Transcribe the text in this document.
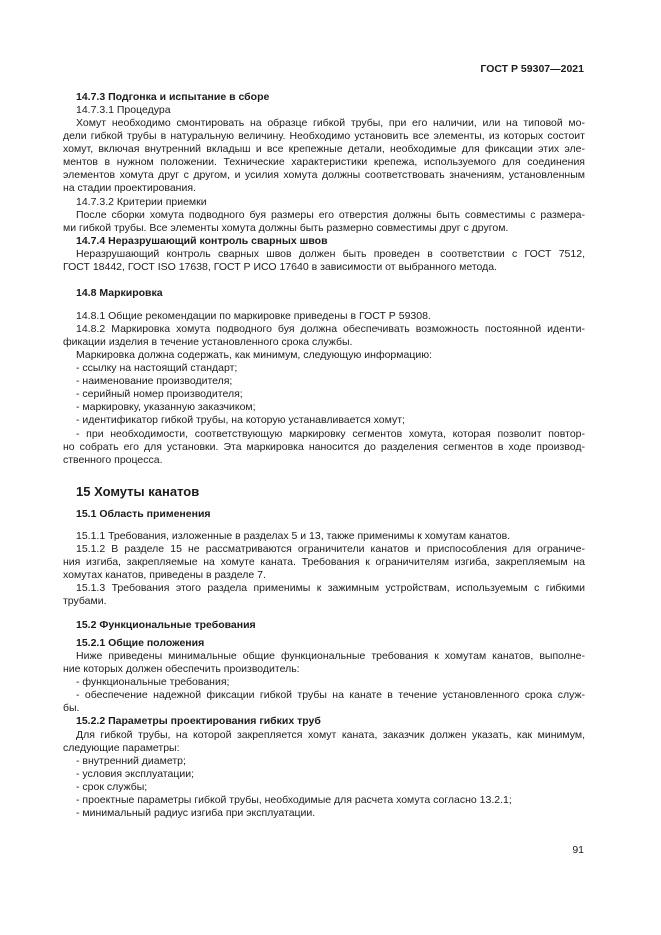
ГОСТ Р 59307—2021
14.7.3 Подгонка и испытание в сборе
14.7.3.1 Процедура
Хомут необходимо смонтировать на образце гибкой трубы, при его наличии, или на типовой мо-
дели гибкой трубы в натуральную величину. Необходимо установить все элементы, из которых состоит
хомут, включая внутренний вкладыш и все крепежные детали, необходимые для фиксации этих эле-
ментов в нужном положении. Технические характеристики крепежа, используемого для соединения
элементов хомута друг с другом, и усилия хомута должны соответствовать значениям, установленным
на стадии проектирования.
14.7.3.2 Критерии приемки
После сборки хомута подводного буя размеры его отверстия должны быть совместимы с размера-
ми гибкой трубы. Все элементы хомута должны быть размерно совместимы друг с другом.
14.7.4 Неразрушающий контроль сварных швов
Неразрушающий контроль сварных швов должен быть проведен в соответствии с ГОСТ 7512,
ГОСТ 18442, ГОСТ ISO 17638, ГОСТ Р ИСО 17640 в зависимости от выбранного метода.
14.8 Маркировка
14.8.1 Общие рекомендации по маркировке приведены в ГОСТ Р 59308.
14.8.2 Маркировка хомута подводного буя должна обеспечивать возможность постоянной иденти-
фикации изделия в течение установленного срока службы.
Маркировка должна содержать, как минимум, следующую информацию:
- ссылку на настоящий стандарт;
- наименование производителя;
- серийный номер производителя;
- маркировку, указанную заказчиком;
- идентификатор гибкой трубы, на которую устанавливается хомут;
- при необходимости, соответствующую маркировку сегментов хомута, которая позволит повтор-
но собрать его для установки. Эта маркировка наносится до разделения сегментов в ходе производ-
ственного процесса.
15 Хомуты канатов
15.1 Область применения
15.1.1 Требования, изложенные в разделах 5 и 13, также применимы к хомутам канатов.
15.1.2 В разделе 15 не рассматриваются ограничители канатов и приспособления для ограниче-
ния изгиба, закрепляемые на хомуте каната. Требования к ограничителям изгиба, закрепляемым на
хомутах канатов, приведены в разделе 7.
15.1.3 Требования этого раздела применимы к зажимным устройствам, используемым с гибкими
трубами.
15.2 Функциональные требования
15.2.1 Общие положения
Ниже приведены минимальные общие функциональные требования к хомутам канатов, выполне-
ние которых должен обеспечить производитель:
- функциональные требования;
- обеспечение надежной фиксации гибкой трубы на канате в течение установленного срока служ-
бы.
15.2.2 Параметры проектирования гибких труб
Для гибкой трубы, на которой закрепляется хомут каната, заказчик должен указать, как минимум,
следующие параметры:
- внутренний диаметр;
- условия эксплуатации;
- срок службы;
- проектные параметры гибкой трубы, необходимые для расчета хомута согласно 13.2.1;
- минимальный радиус изгиба при эксплуатации.
91
